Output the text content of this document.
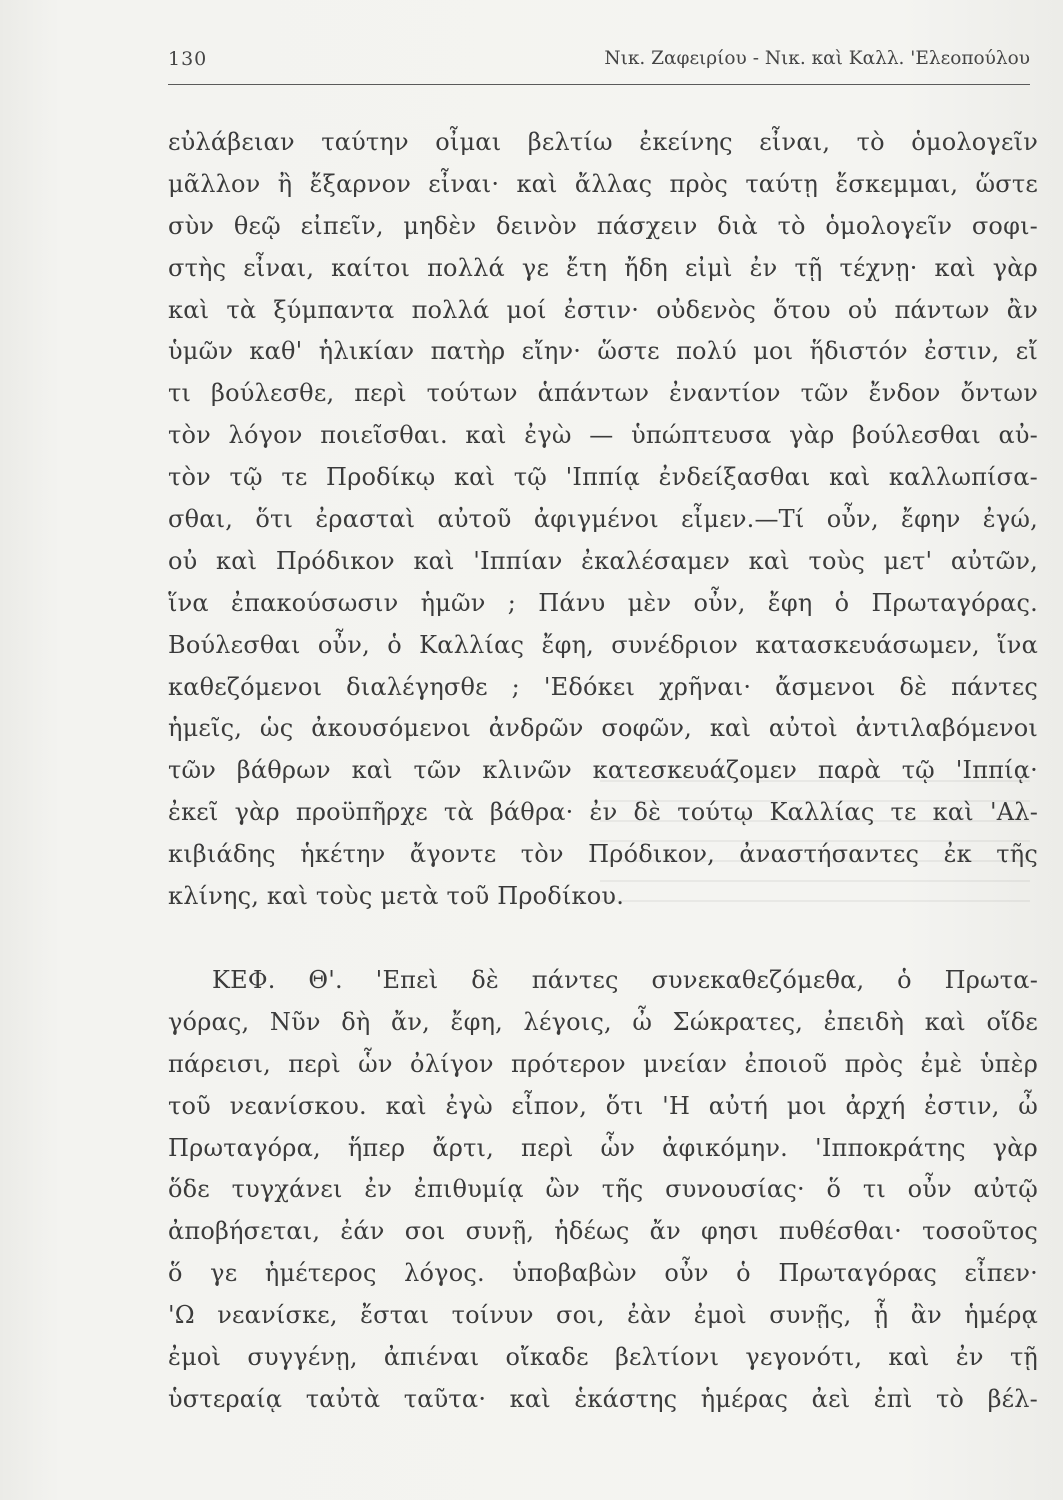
130	Νικ. Ζαφειρίου - Νικ. καὶ Καλλ. 'Ελεοπούλου
εὐλάβειαν ταύτην οἶμαι βελτίω ἐκείνης εἶναι, τὸ ὁμολογεῖν
μᾶλλον ἢ ἔξαρνον εἶναι· καὶ ἄλλας πρὸς ταύτῃ ἔσκεμμαι, ὥστε
σὺν θεῷ εἰπεῖν, μηδὲν δεινὸν πάσχειν διὰ τὸ ὁμολογεῖν σοφι-
στὴς εἶναι, καίτοι πολλά γε ἔτη ἤδη εἰμὶ ἐν τῇ τέχνῃ· καὶ γὰρ
καὶ τὰ ξύμπαντα πολλά μοί ἐστιν· οὐδενὸς ὅτου οὐ πάντων ἂν
ὑμῶν καθ' ἡλικίαν πατὴρ εἴην· ὥστε πολύ μοι ἥδιστόν ἐστιν, εἴ
τι βούλεσθε, περὶ τούτων ἁπάντων ἐναντίον τῶν ἔνδον ὄντων
τὸν λόγον ποιεῖσθαι. καὶ ἐγὼ — ὑπώπτευσα γὰρ βούλεσθαι αὐ-
τὸν τῷ τε Προδίκῳ καὶ τῷ 'Ιππίᾳ ἐνδείξασθαι καὶ καλλωπίσα-
σθαι, ὅτι ἐρασταὶ αὐτοῦ ἀφιγμένοι εἶμεν.—Τί οὖν, ἔφην ἐγώ,
οὐ καὶ Πρόδικον καὶ 'Ιππίαν ἐκαλέσαμεν καὶ τοὺς μετ' αὐτῶν,
ἵνα ἐπακούσωσιν ἡμῶν ; Πάνυ μὲν οὖν, ἔφη ὁ Πρωταγόρας.
Βούλεσθαι οὖν, ὁ Καλλίας ἔφη, συνέδριον κατασκευάσωμεν, ἵνα
καθεζόμενοι διαλέγησθε ; 'Εδόκει χρῆναι· ἄσμενοι δὲ πάντες
ἡμεῖς, ὡς ἀκουσόμενοι ἀνδρῶν σοφῶν, καὶ αὐτοὶ ἀντιλαβόμενοι
τῶν βάθρων καὶ τῶν κλινῶν κατεσκευάζομεν παρὰ τῷ 'Ιππίᾳ·
ἐκεῖ γὰρ προϋπῆρχε τὰ βάθρα· ἐν δὲ τούτῳ Καλλίας τε καὶ 'Αλ-
κιβιάδης ἡκέτην ἄγοντε τὸν Πρόδικον, ἀναστήσαντες ἐκ τῆς
κλίνης, καὶ τοὺς μετὰ τοῦ Προδίκου.
ΚΕΦ. Θ'. 'Επεὶ δὲ πάντες συνεκαθεζόμεθα, ὁ Πρωτα-
γόρας, Νῦν δὴ ἄν, ἔφη, λέγοις, ὦ Σώκρατες, ἐπειδὴ καὶ οἵδε
πάρεισι, περὶ ὧν ὀλίγον πρότερον μνείαν ἐποιοῦ πρὸς ἐμὲ ὑπὲρ
τοῦ νεανίσκου. καὶ ἐγὼ εἶπον, ὅτι 'Η αὐτή μοι ἀρχή ἐστιν, ὦ
Πρωταγόρα, ἥπερ ἄρτι, περὶ ὧν ἀφικόμην. 'Ιπποκράτης γὰρ
ὅδε τυγχάνει ἐν ἐπιθυμίᾳ ὢν τῆς συνουσίας· ὅ τι οὖν αὐτῷ
ἀποβήσεται, ἐάν σοι συνῇ, ἡδέως ἄν φησι πυθέσθαι· τοσοῦτος
ὅ γε ἡμέτερος λόγος. ὑποβαβὼν οὖν ὁ Πρωταγόρας εἶπεν·
'Ω νεανίσκε, ἔσται τοίνυν σοι, ἐὰν ἐμοὶ συνῇς, ᾗ ἂν ἡμέρᾳ
ἐμοὶ συγγένῃ, ἀπιέναι οἴκαδε βελτίονι γεγονότι, καὶ ἐν τῇ
ὑστεραίᾳ ταὐτὰ ταῦτα· καὶ ἑκάστης ἡμέρας ἀεὶ ἐπὶ τὸ βέλ-
